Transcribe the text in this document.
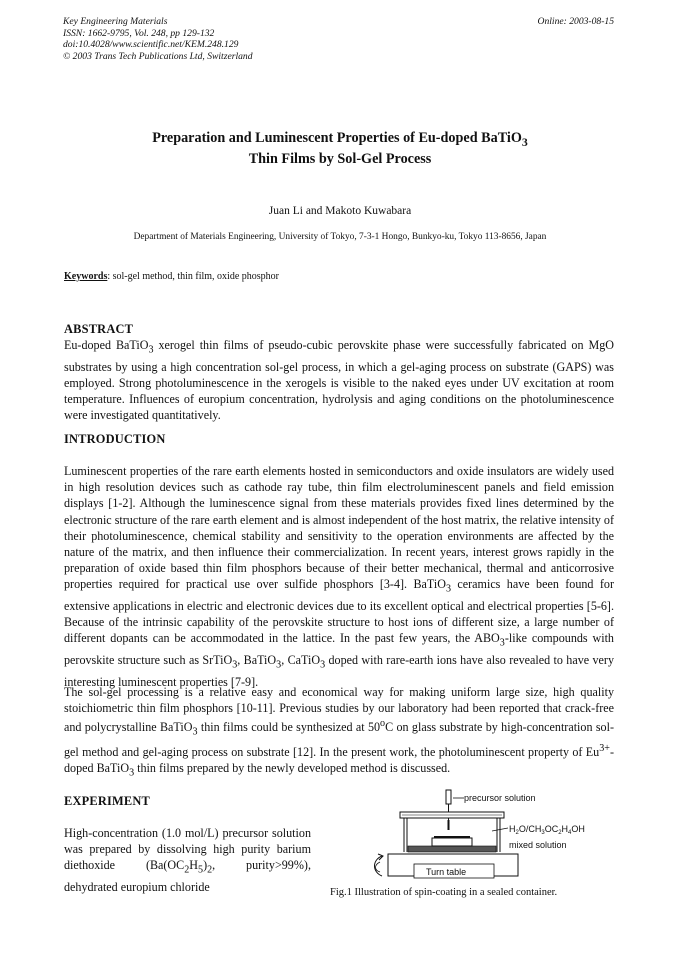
Key Engineering Materials
ISSN: 1662-9795, Vol. 248, pp 129-132
doi:10.4028/www.scientific.net/KEM.248.129
© 2003 Trans Tech Publications Ltd, Switzerland
Online: 2003-08-15
Preparation and Luminescent Properties of Eu-doped BaTiO$_3$
Thin Films by Sol-Gel Process
Juan Li and Makoto Kuwabara
Department of Materials Engineering, University of Tokyo, 7-3-1 Hongo, Bunkyo-ku, Tokyo 113-8656, Japan
Keywords: sol-gel method, thin film, oxide phosphor
ABSTRACT

Eu-doped BaTiO$_3$ xerogel thin films of pseudo-cubic perovskite phase were successfully fabricated on MgO substrates by using a high concentration sol-gel process, in which a gel-aging process on substrate (GAPS) was employed. Strong photoluminescence in the xerogels is visible to the naked eyes under UV excitation at room temperature. Influences of europium concentration, hydrolysis and aging conditions on the photoluminescence were investigated quantitatively.

INTRODUCTION

Luminescent properties of the rare earth elements hosted in semiconductors and oxide insulators are widely used in high resolution devices such as cathode ray tube, thin film electroluminescent panels and field emission displays [1-2]. Although the luminescence signal from these materials provides fixed lines determined by the electronic structure of the rare earth element and is almost independent of the host matrix, the relative intensity of their photoluminescence, chemical stability and sensitivity to the operation environments are affected by the nature of the matrix, and then influence their commercialization. In recent years, interest grows rapidly in the preparation of oxide based thin film phosphors because of their better mechanical, thermal and anticorrosive properties required for practical use over sulfide phosphors [3-4]. BaTiO$_3$ ceramics have been found for extensive applications in electric and electronic devices due to its excellent optical and electrical properties [5-6]. Because of the intrinsic capability of the perovskite structure to host ions of different size, a large number of different dopants can be accommodated in the lattice. In the past few years, the $ABO_3$-like compounds with perovskite structure such as SrTiO$_3$, BaTiO$_3$, CaTiO$_3$ doped with rare-earth ions have also revealed to have very interesting luminescent properties [7-9].

The sol-gel processing is a relative easy and economical way for making uniform large size, high quality stoichiometric thin film phosphors [10-11]. Previous studies by our laboratory had been reported that crack-free and polycrystalline BaTiO$_3$ thin films could be synthesized at 50$^o$C on glass substrate by high-concentration sol-gel method and gel-aging process on substrate [12]. In the present work, the photoluminescent property of $Eu^{3+}$-doped BaTiO$_3$ thin films prepared by the newly developed method is discussed.

EXPERIMENT

High-concentration (1.0 mol/L) precursor solution was prepared by dissolving high purity barium diethoxide ($Ba(OC_2H_5)_2$, purity>99%), dehydrated europium chloride

precursor solution
$H_2O/CH_3OC_2H_4OH$
mixed solution
Turn table
Fig.1 Illustration of spin-coating in a sealed container.
